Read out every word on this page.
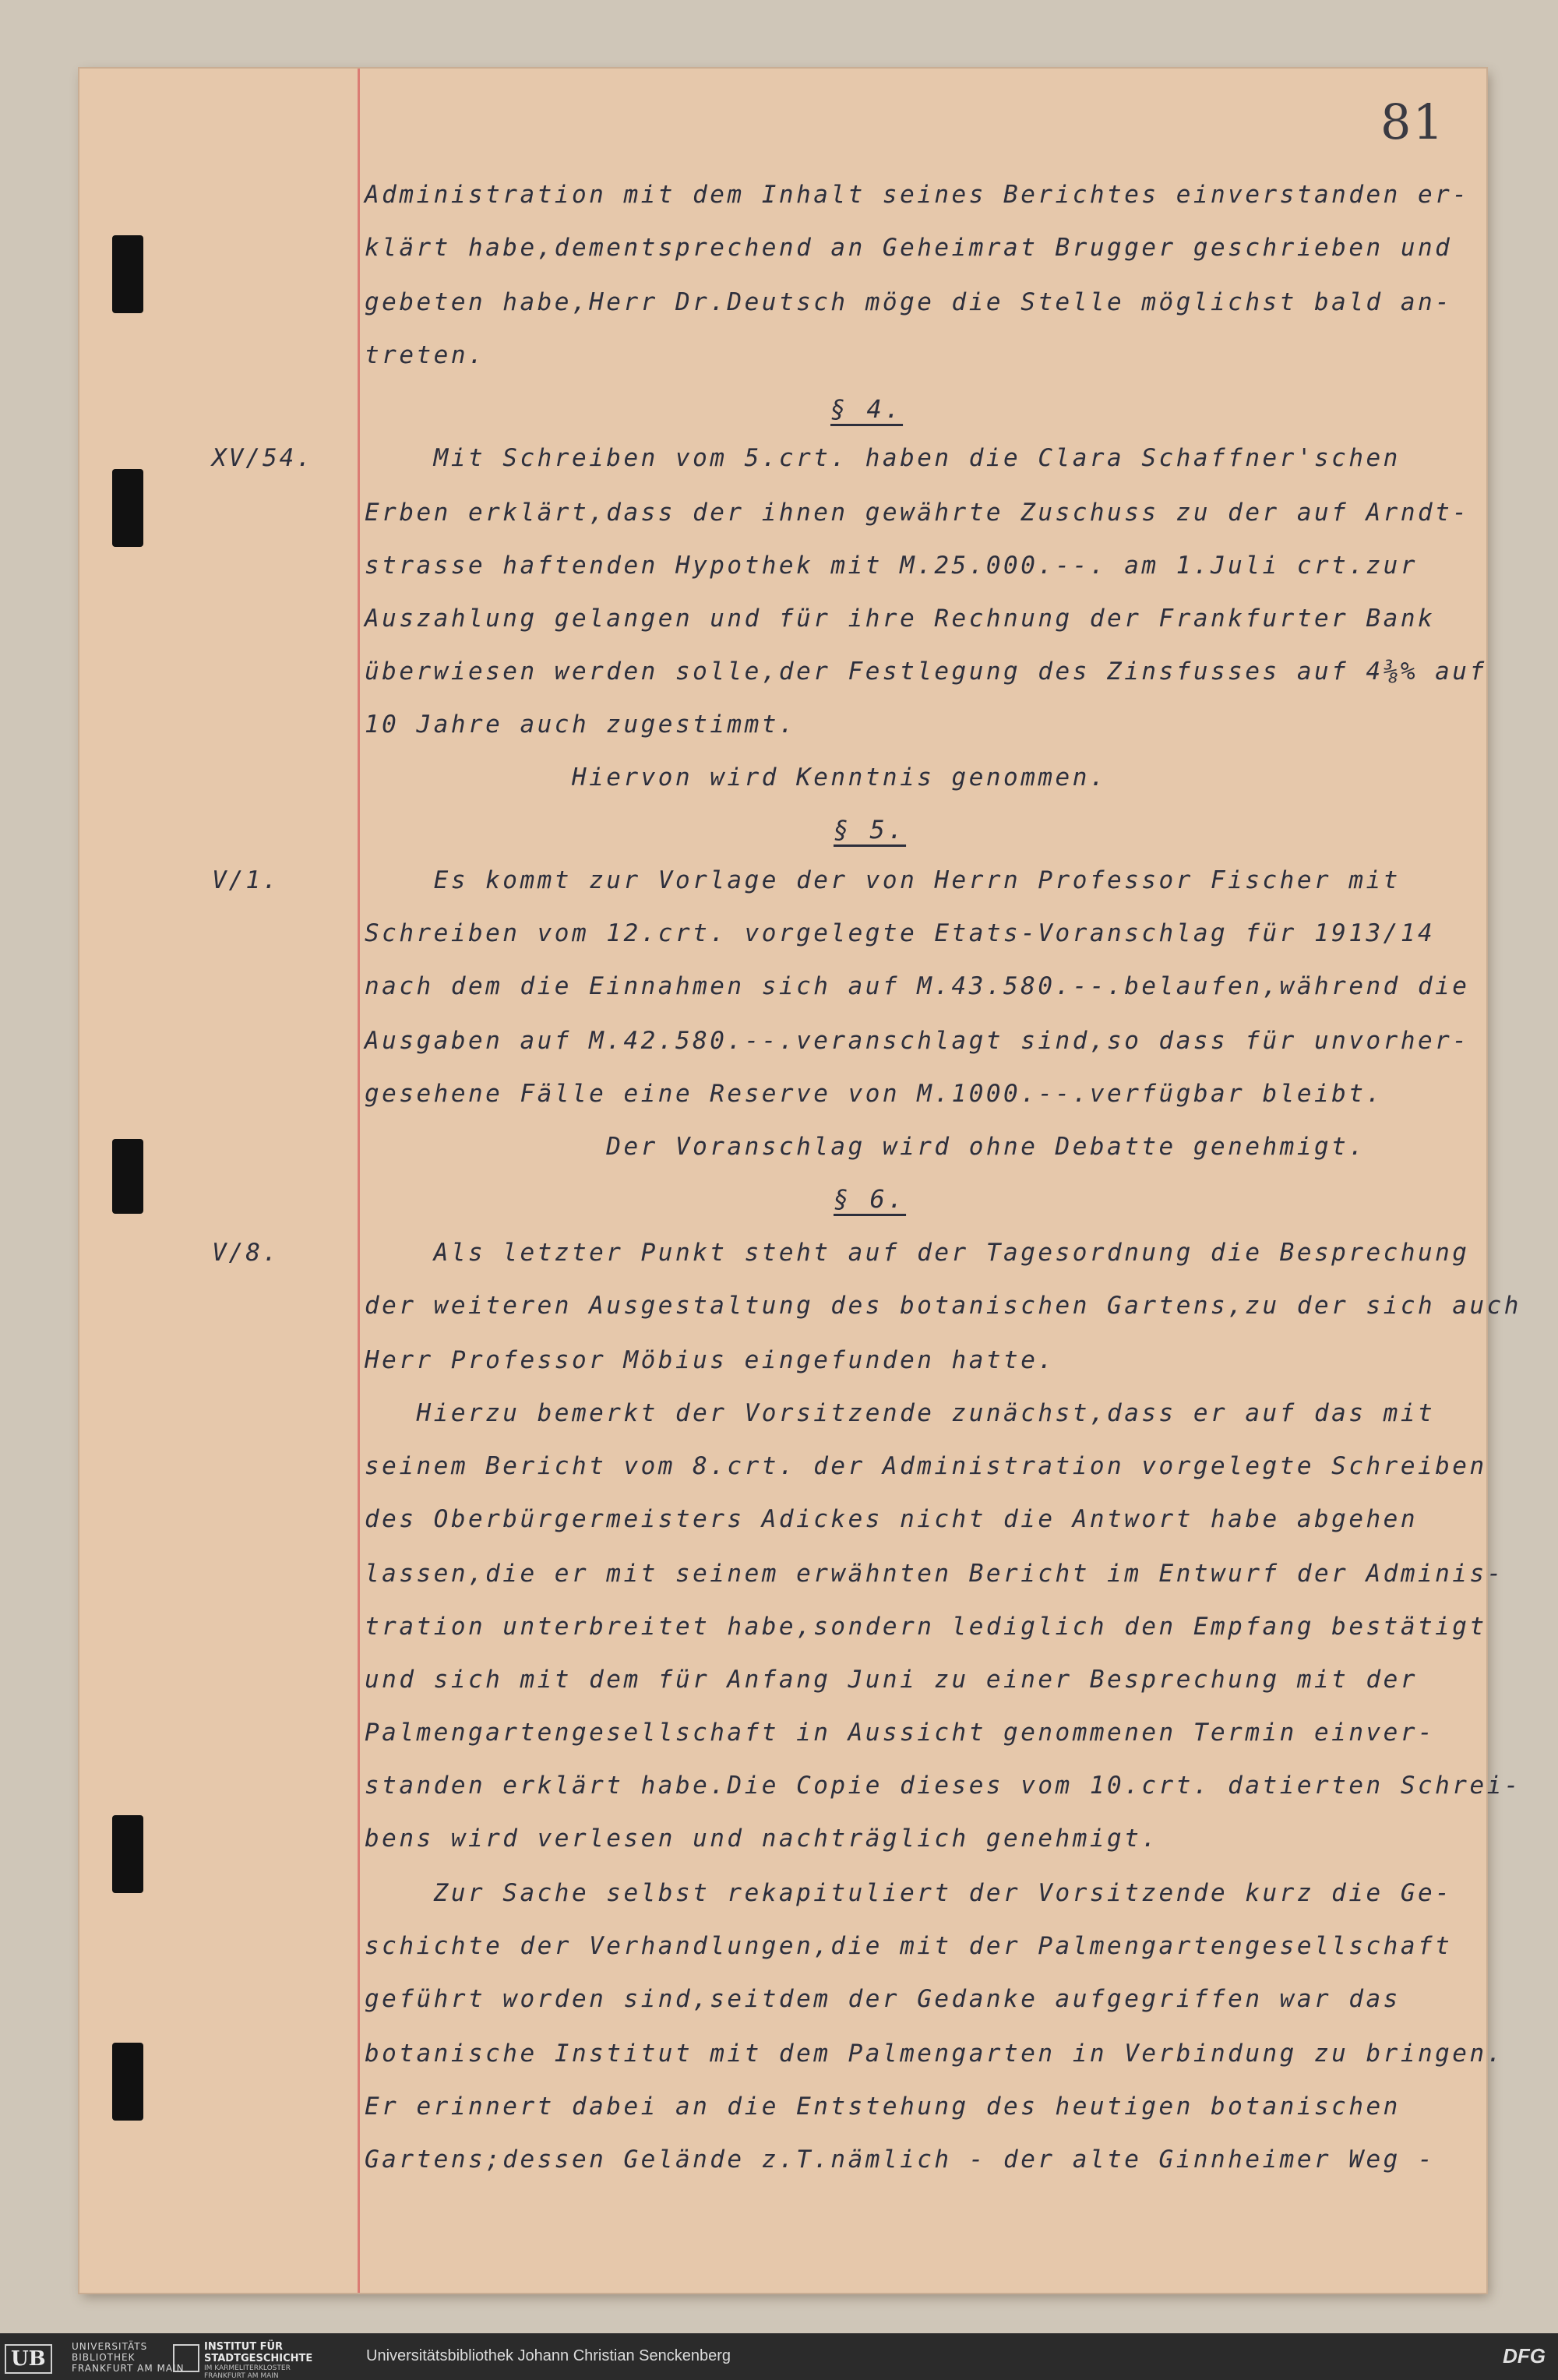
81
XV/54.
V/1.
V/8.
§ 4.
§ 5.
§ 6.
Administration mit dem Inhalt seines Berichtes einverstanden er-
klärt habe,dementsprechend an Geheimrat Brugger geschrieben und
gebeten habe,Herr Dr.Deutsch möge die Stelle möglichst bald an-
treten.
Mit Schreiben vom 5.crt. haben die Clara Schaffner'schen
Erben erklärt,dass der ihnen gewährte Zuschuss zu der auf Arndt-
strasse haftenden Hypothek mit M.25.000.--. am 1.Juli crt.zur
Auszahlung gelangen und für ihre Rechnung der Frankfurter Bank
überwiesen werden solle,der Festlegung des Zinsfusses auf 4⅜% auf
10 Jahre auch zugestimmt.
Hiervon wird Kenntnis genommen.
Es kommt zur Vorlage der von Herrn Professor Fischer mit
Schreiben vom 12.crt. vorgelegte Etats-Voranschlag für 1913/14
nach dem die Einnahmen sich auf M.43.580.--.belaufen,während die
Ausgaben auf M.42.580.--.veranschlagt sind,so dass für unvorher-
gesehene Fälle eine Reserve von M.1000.--.verfügbar bleibt.
Der Voranschlag wird ohne Debatte genehmigt.
Als letzter Punkt steht auf der Tagesordnung die Besprechung
der weiteren Ausgestaltung des botanischen Gartens,zu der sich auch
Herr Professor Möbius eingefunden hatte.
Hierzu bemerkt der Vorsitzende zunächst,dass er auf das mit
seinem Bericht vom 8.crt. der Administration vorgelegte Schreiben
des Oberbürgermeisters Adickes nicht die Antwort habe abgehen
lassen,die er mit seinem erwähnten Bericht im Entwurf der Adminis-
tration unterbreitet habe,sondern lediglich den Empfang bestätigt
und sich mit dem für Anfang Juni zu einer Besprechung mit der
Palmengartengesellschaft in Aussicht genommenen Termin einver-
standen erklärt habe.Die Copie dieses vom 10.crt. datierten Schrei-
bens wird verlesen und nachträglich genehmigt.
Zur Sache selbst rekapituliert der Vorsitzende kurz die Ge-
schichte der Verhandlungen,die mit der Palmengartengesellschaft
geführt worden sind,seitdem der Gedanke aufgegriffen war das
botanische Institut mit dem Palmengarten in Verbindung zu bringen.
Er erinnert dabei an die Entstehung des heutigen botanischen
Gartens;dessen Gelände z.T.nämlich - der alte Ginnheimer Weg -
UB
UNIVERSITÄTS
BIBLIOTHEK
FRANKFURT AM MAIN
INSTITUT FÜR
STADTGESCHICHTE
IM KARMELITERKLOSTER
FRANKFURT AM MAIN
Universitätsbibliothek Johann Christian Senckenberg	DFG
